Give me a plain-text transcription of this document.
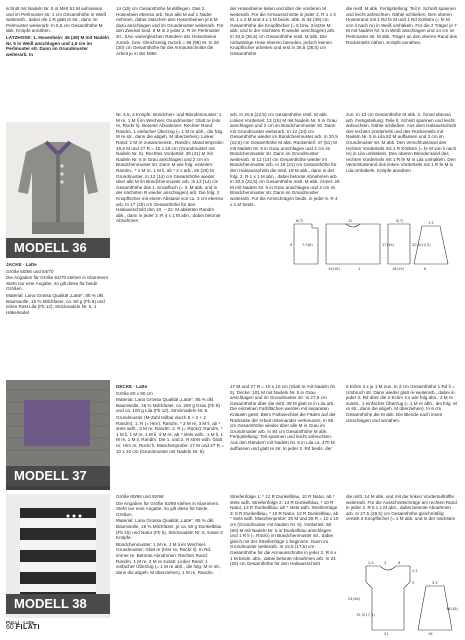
schnitt mit Nadeln Nr. 5 in Mint 51 M aufnassen und im Perlmuster str. 1 cm Gesamthöhe in Weiß weiterarb., dabei die 1 R glatt re str., dann im Perlmuster weiterarb. In 5,5 cm Gesamthöhe M abk. Knöpfe annähen.

LATZHOSE: 1. Hosenbein: 45 (49) M mit Nadeln Nr. 5 in Weiß anschlagen und 1,5 cm im Perlmuster str. Dann im Grundmuster weiterarb. In

MODELL 36

JACKE · Latte

Größe 50/56 und 64/70

Die Angaben für Größe 64/70 stehen in Klammern. Steht nur eine Angabe, so gilt diese für beide Größen.

Material: Lana Grossa Qualität „Latte“, 85 % dkl. Baumwolle, 15 % Milchfaser, ca. 50 g (Fb 8) und einen Rest Lila (Fb 12), Stricknadeln Nr. 5, 1 Häkelnadel

14 (15) cm Gesamthöhe M stilllegen. Das 2. Hosenbein ebenso arb. Nun alle M auf 1 Nadel nehmen, dabei zwischen den Hosenbeinen je 8 M dazu anschlagen und im Grundmuster weiterarb. Für den Zwickel beid. 8 M in 2 jeder 2. R im Perlmuster str., bzw. vierergleichen Rändern der Hosenbeine zurück. bzw. Gleichzeitig zurück = 96 (98) M. In 28 (30) cm Gesamthöhe für die Armausschnitte die Arbeit je in der Mitte

der Hosenbeine teilen und über die vorderen M weiterarb. Für die Armausschnitte in jeder 2. R 1 x 3 M, 1 x 2 M und 4 x 1 M beids. abk. In 34 (39) cm Gesamthöhe die Knopflöcher (= 5 bzw. 3 letzte M abk. und in der nächsten R wieder anschlagen) arb. In 34,5 (36,5) cm Gesamthöhe restl. M abk. Die rückwärtige Hose ebenso beenden, jedoch keinen Knopflöcher arbeiten und erst in 36,5 (38,5) cm Gesamthöhe

die restl. M abk. Fertigstellung: Teil II. Schnitt spannen und leicht anfeuchten. Nähte schließen. Den oberen Hosenrand mit 1 Rd fe M und 1 Rd Krebsm (= fe M von li nach re) in Weiß umhäkeln. Für die 2 Träger je 7 M mit Nadeln Nr. 5 in Weiß anschlagen und 14 cm im Perlmuster str. M abk. Träger an den oberen Rand des Rückenteils nähen. Knöpfe annähen.

Nr. 4,5, 3 Knöpfe. Bündchen- und Blendenmuster: 1 M re, 1 M li im Wechsel. Grundmuster: Glatt re (Hin re, Rückr li). Betonte Abnahmen: Rechter Rand: Randm, 1 einfacher Überzug (= 1 M re abh., die folg. M re str., dann die abgeh. M überziehen). Linker Rand: 2 M re zusammenstr., Randm. Maschenprobe: 18,5 M und 27 R = 10 x 10 cm (Grundmuster mit Nadeln Nr. 5). Rechtes Vorderteil: 39 (41) M mit Nadeln Nr. 5 in Grau anschlagen und 2 cm im Bündchenmuster str. Dann M wie folg. einteilen: Randm., * 1 M re, 1 M li, ab * 2 x arb., 26 (28) M Grundmuster. In 12 (14) cm Gesamthöhe wieder über alle M im Bündchenmuster arb. In 13 (14) cm Gesamthöhe das 1. Knopfloch (= 3. M abk. und in der nächsten R wieder anschlagen) arb. Die folg. 2 Knopflöcher mit einem Abstand von ca. 3 cm ebenso arb. In 17 (19) cm Gesamthöhe für den Halsausschnitt den 10. – 22. M abketten Randm abk., dann in jeder 2. R 4 x 1 M abn., dabei betonte Abnahmen

arb. In 20,5 (22,5) cm Gesamthöhe restl. M abk. Linkes Vorderteil: 13 (15) M mit Nadeln Nr. 5 in Grau anschlagen und 2 cm im Bündchenmuster str. Dann mit Grundmuster weiterarb. In 12 (14) cm Gesamthöhe wieder im Bündchenmuster arb. In 20,5 (22,5) cm Gesamthöhe M abk. Rückenteil: 47 (51) M mit Nadeln Nr. 5 in Grau anschlagen und 2 cm im Bündchenmuster str. Dann im Grundmuster weiterarb. In 12 (14) cm Gesamthöhe wieder im Bündchenmuster arb. In 19 (21) cm Gesamthöhe für den Halsausschnitt die mittl. 19 M abk., dann in der folg. 2. R 1 x 1 M abn., dabei betonte Abnahmen arb. In 20,5 (22,5) cm Gesamthöhe restl. M abk. Ärmel: 28 M mit Nadeln Nr. 5 in Grau anschlagen und 2 cm im Bündchenmuster str. Dann im Grundmuster weiterarb. Für die Armschrägen beids. in jeder 6. R 4 x 1 M beids.

zun. In 13 cm Gesamthöhe M abk. 2. Ärmel ebenso arb. Fertigstellung: Teile lt. Schnitt spannen und leicht anfeuchten. Nähte schließen. Aus dem Halsausschnitt des rechten Vorderteils und des Rückenteils mit Nadeln Nr. 5 in Lila 52 M auffassen und 3 cm im Grundmuster str. M abk. Den Verschlussrand des rechten Vorderteils mit 1 R Krebsm (= fe M von li nach re) in Lila umhäkeln. Den oberen Blendenrand des rechten Vorderteils mit 1 R fe M in Lila umhäkeln. Den Verschlussrand des linken Vorderteils mit 1 R fe M in Lila umhäkeln. Knöpfe annähen.

6(7)	12	5(7)	1,5
7,5(8)
6
19(18)	1	18(19)	8
17(19)	20,5(22,5)
MODELL 37

DECKE · Latte

Größe 60 x 90 cm

Material: Lana Grossa Qualität „Latte“, 85 % dkl. Baumwolle, 15 % Milchfaser, ca. 250 g Grau (Fb 8) und ca. 100 g Lila (Fb 12), Stricknadeln Nr. 5.

Grundmuster (M-Zahl teilbar durch 6 + 3 + 2 Randm): 1. R (= Hinr): Randm, * 3 M re, 3 M li, ab * stets wdh., 3 M re, Randm. 2. R (= Rückr): Randm, * 1 M li, 1 M re, 1 M li, 3 M re, ab * stets wdh., 1 M li, 1 M re, 1 M li, Randm. Die 1. und 2. R stets wdh. Glatt re: Hinr re, Rückr li. Maschenprobe: 17 M und 27 R = 10 x 10 cm (Grundmuster mit Nadeln Nr. 5).

17 M und 27 R = 10 x 10 cm (Glatt re mit Nadeln Nr. 5). Decke: 101 M mit Nadeln Nr. 5 in Grau anschlagen und im Grundmuster str. In 27,5 cm Gesamthöhe über die mittl. 39 M glatt re in Lila arb. Die einzelnen Farbflächen werden mit separaten Knäueln gestr. Beim Farbwechsel die Fäden auf der Rückseite der Arbeit miteinander verkreuzen. In 58 cm Gesamthöhe wieder über alle M in Grau im Grundmuster arb. In 84 cm Gesamthöhe M abk. Fertigstellung: Teil spannen und leicht anfeuchten. Aus den Rändern mit Nadeln Nr. 5 in Lila ca. 470 M auffassen und glatt re str. In jeder 2. Rd beids. der

2 Eckm 4 x je 1 M zun. In 3 cm Gesamthöhe 1 Rd li = Umbruch str. Dann wieder glatt re weiterarb., dabei in jeder 2. Rd über die 2 Eckm 4 x wie folg abn.: 2 M re zusstr., 1 einfacher Überzug (= 1 M re abh., die folg. M re str., dann die abgeh. M überziehen). In 6 cm Gesamthöhe die M abk. Die Blende nach innen umschlagen und annähen.

MODELL 38

PULLI · Latte

Größe 80/86 und 92/98

Die Angaben für Größe 92/98 stehen in Klammern. Steht nur eine Angabe, so gilt diese für beide Größen.

Material: Lana Grossa Qualität „Latte“, 85 % dkl. Baumwolle, 15 % Milchfaser, je ca. 50 g Dunkelblau (Fb 15) und Natur (Fb 5), Stricknadeln Nr. 5, sowie 3 Knöpfe.

Bündchenmuster: 1 M re, 1 M li im Wechsel. Grundmuster: Glatt re (Hinr re, Rückr li). In Rd: immer re. Betonte Abnahmen: Rechter Rand: Randm, 1 M re, 2 M re zusstr. Linker Rand: 1 einfacher Überzug (= 1 M re abh., die folg. M re str., dann die abgeh. M überziehen), 1 M re, Randm.

Streifenfolge 1: * 12 R Dunkelblau, 10 R Natur, ab * stets wdh. Streifenfolge 2: 14 R Dunkelblau, * 10 R Natur, 12 R Dunkelblau, ab * stets wdh. Streifenfolge 3: 8 R Dunkelblau, * 10 R Natur, 12 R Dunkelblau, ab * stets wdh. Maschenprobe: 20 M und 28 R = 10 x 10 cm (Grundmuster mit Nadeln Nr. 5). Vorderteil: 58 (60) M mit Nadeln Nr. 5 in Dunkelblau anschlagen und 1 R li (= Rückr) im Bündchenmuster str., dabei gleich mit der Streifenfolge 1 beginnen. Dann im Grundmuster weiterarb. In 15,5 (17,5) cm Gesamthöhe für die Armausschnitte in jeder 2. R 5 x 1 M beids. abn., dabei betonte Abnahmen arb. In 24 (26) cm Gesamthöhe für den Halsausschnitt

die mittl. 14 M abk. und mit der linken Vorderteilhälfte weiterarb. Für die Ausschnittschräge am rechten Rand in jeder 2. R 5 x 1 M abn., dabei betonte Abnahmen arb. In 27,5 (29,5) cm Gesamthöhe gleichmäßig verteilt 3 Knopflöcher (= 1 M abk. und in der nächsten

2,5	3	8
2,5
5
24(26)
15,5(17,5)
21
3,5
16
16(18)
60 FILATI
